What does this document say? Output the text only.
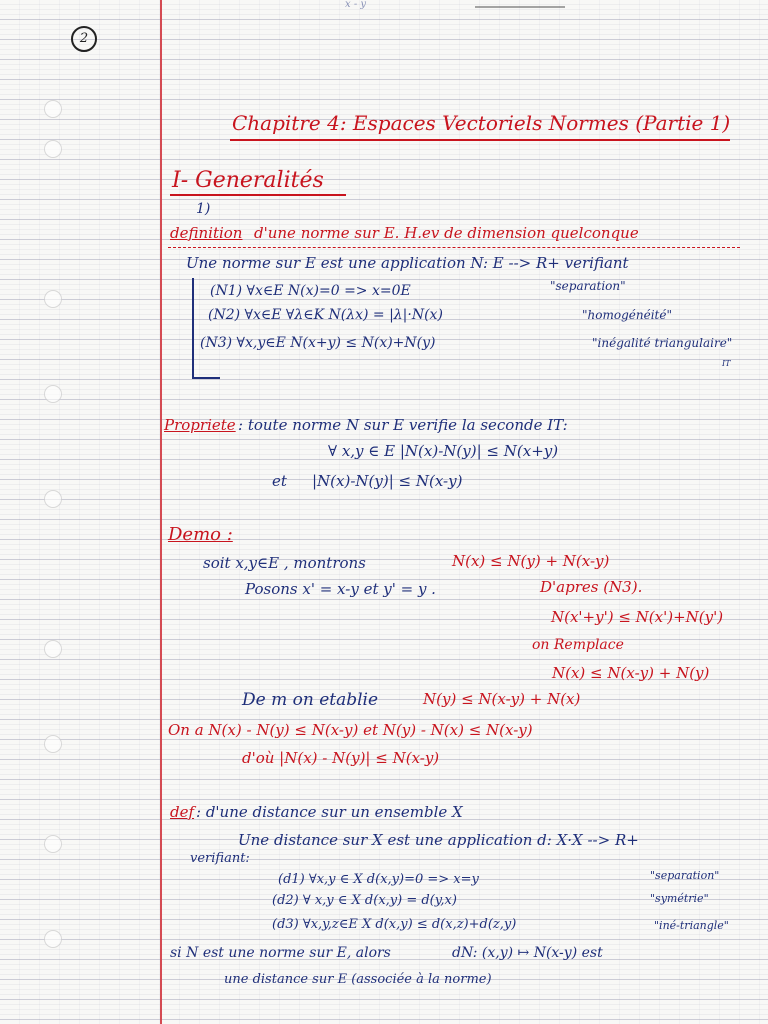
x - y
2
Chapitre 4: Espaces Vectoriels Normes (Partie 1)
I- Generalités
1)
definition d'une norme sur E. H.ev de dimension quelconque
Une norme sur E est une application N: E --> R+ verifiant
(N1) ∀x∈E N(x)=0 => x=0E	"separation"
(N2) ∀x∈E ∀λ∈K N(λx) = |λ|·N(x)	"homogénéité"
(N3) ∀x,y∈E N(x+y) ≤ N(x)+N(y)	"inégalité triangulaire"
IT
Propriete : toute norme N sur E verifie la seconde IT:
∀ x,y ∈ E |N(x)-N(y)| ≤ N(x+y)
et |N(x)-N(y)| ≤ N(x-y)
Demo :
soit x,y∈E , montrons	N(x) ≤ N(y) + N(x-y)
Posons x' = x-y et y' = y .	D'apres (N3).
N(x'+y') ≤ N(x')+N(y')
on Remplace
N(x) ≤ N(x-y) + N(y)
De m on etablie	N(y) ≤ N(x-y) + N(x)
On a N(x) - N(y) ≤ N(x-y) et N(y) - N(x) ≤ N(x-y)
d'où |N(x) - N(y)| ≤ N(x-y)
def : d'une distance sur un ensemble X
Une distance sur X est une application d: X·X --> R+
verifiant:
(d1) ∀x,y ∈ X d(x,y)=0 => x=y	"separation"
(d2) ∀ x,y ∈ X d(x,y) = d(y,x)	"symétrie"
(d3) ∀x,y,z∈E X d(x,y) ≤ d(x,z)+d(z,y)	"iné-triangle"
si N est une norme sur E, alors	dN: (x,y) ↦ N(x-y) est
une distance sur E (associée à la norme)
